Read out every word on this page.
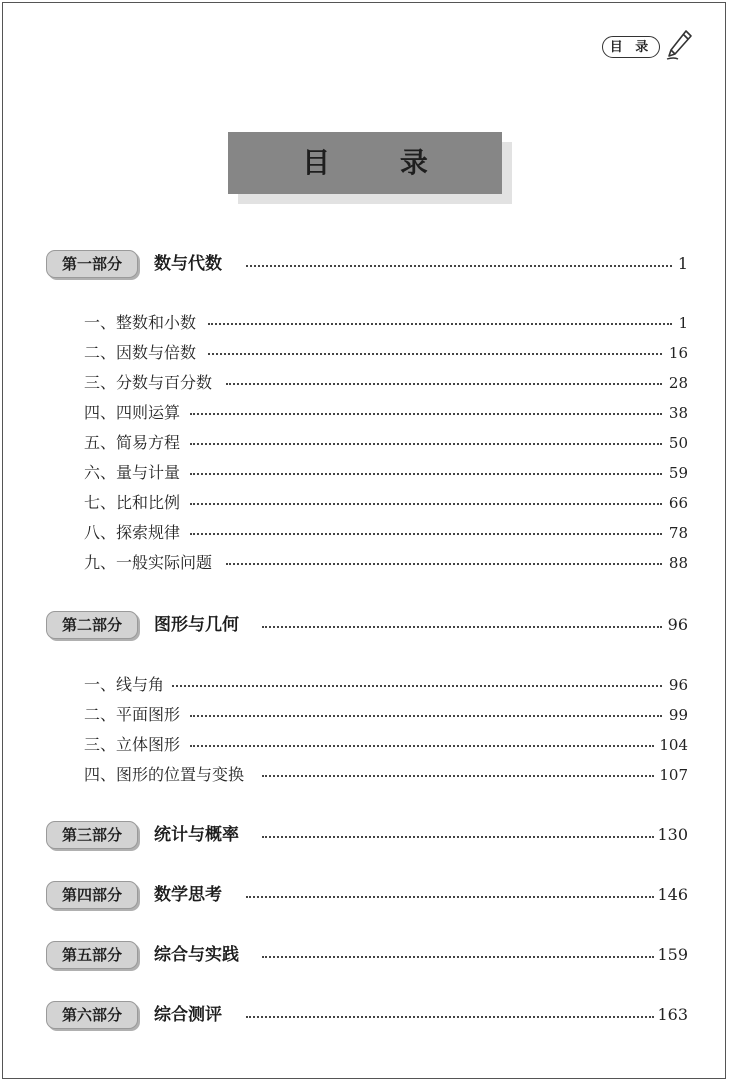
目 录
目 录
第一部分	数与代数	1
一、整数和小数	1
二、因数与倍数	16
三、分数与百分数	28
四、四则运算	38
五、简易方程	50
六、量与计量	59
七、比和比例	66
八、探索规律	78
九、一般实际问题	88
第二部分	图形与几何	96
一、线与角	96
二、平面图形	99
三、立体图形	104
四、图形的位置与变换	107
第三部分	统计与概率	130
第四部分	数学思考	146
第五部分	综合与实践	159
第六部分	综合测评	163
